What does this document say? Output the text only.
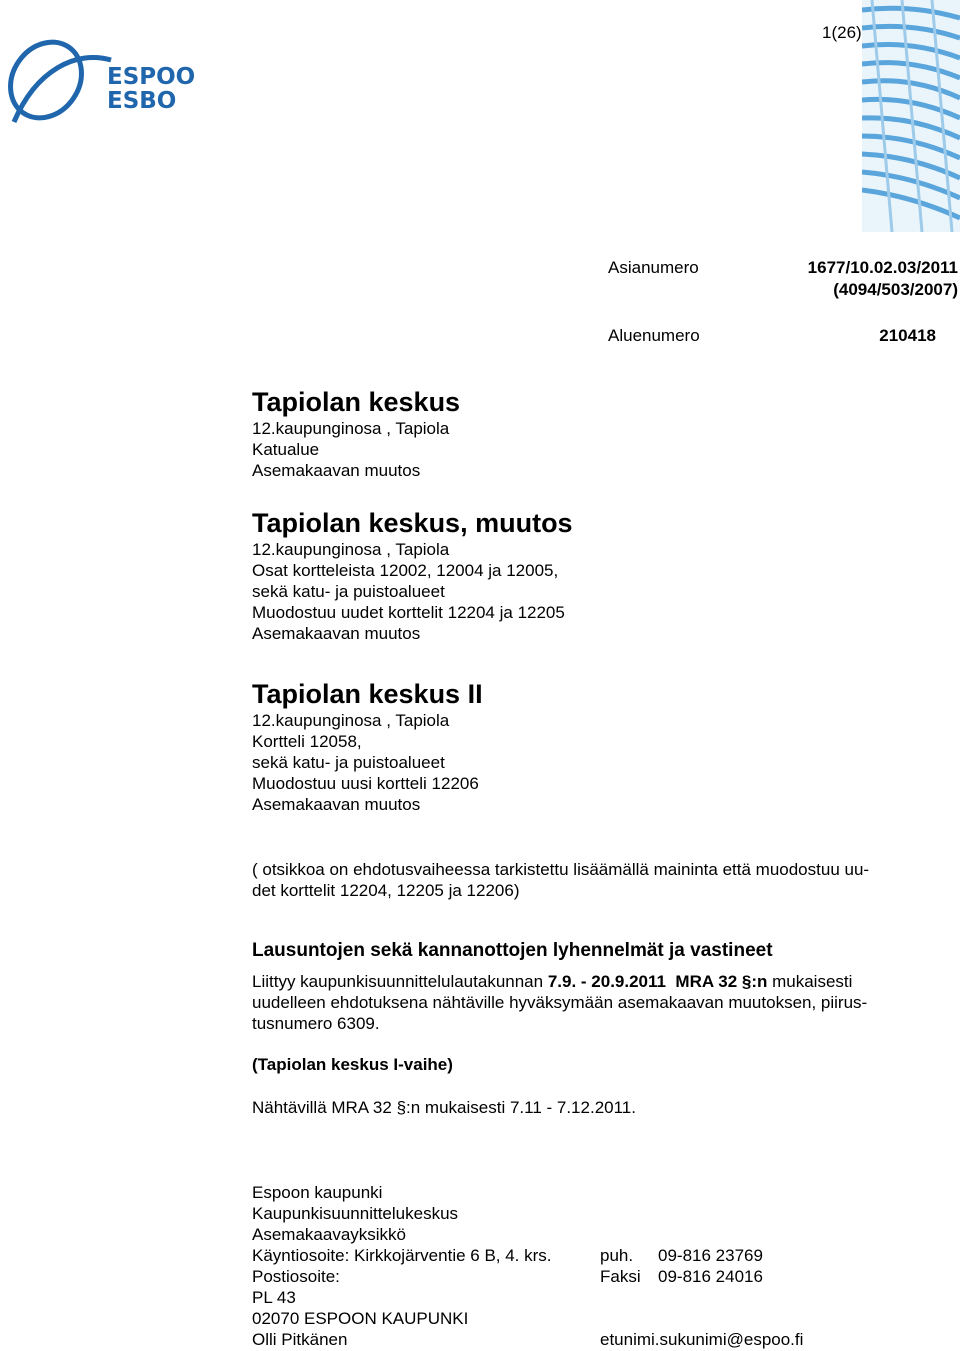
ESPOO
ESBO
1(26)
Asianumero	1677/10.02.03/2011
(4094/503/2007)
Aluenumero	210418
Tapiolan keskus
12.kaupunginosa , Tapiola
Katualue
Asemakaavan muutos
Tapiolan keskus, muutos
12.kaupunginosa , Tapiola
Osat kortteleista 12002, 12004 ja 12005,
sekä katu- ja puistoalueet
Muodostuu uudet korttelit 12204 ja 12205
Asemakaavan muutos
Tapiolan keskus II
12.kaupunginosa , Tapiola
Kortteli 12058,
sekä katu- ja puistoalueet
Muodostuu uusi kortteli 12206
Asemakaavan muutos
( otsikkoa on ehdotusvaiheessa tarkistettu lisäämällä maininta että muodostuu uu-
det korttelit 12204, 12205 ja 12206)
Lausuntojen sekä kannanottojen lyhennelmät ja vastineet
Liittyy kaupunkisuunnittelulautakunnan 7.9. - 20.9.2011  MRA 32 §:n mukaisesti
uudelleen ehdotuksena nähtäville hyväksymään asemakaavan muutoksen, piirus-
tusnumero 6309.
(Tapiolan keskus I-vaihe)
Nähtävillä MRA 32 §:n mukaisesti 7.11 - 7.12.2011.
Espoon kaupunki
Kaupunkisuunnittelukeskus
Asemakaavayksikkö
Käyntiosoite: Kirkkojärventie 6 B, 4. krs.	puh. 09-816 23769
Postiosoite:	Faksi 09-816 24016
PL 43
02070 ESPOON KAUPUNKI
Olli Pitkänen	etunimi.sukunimi@espoo.fi
